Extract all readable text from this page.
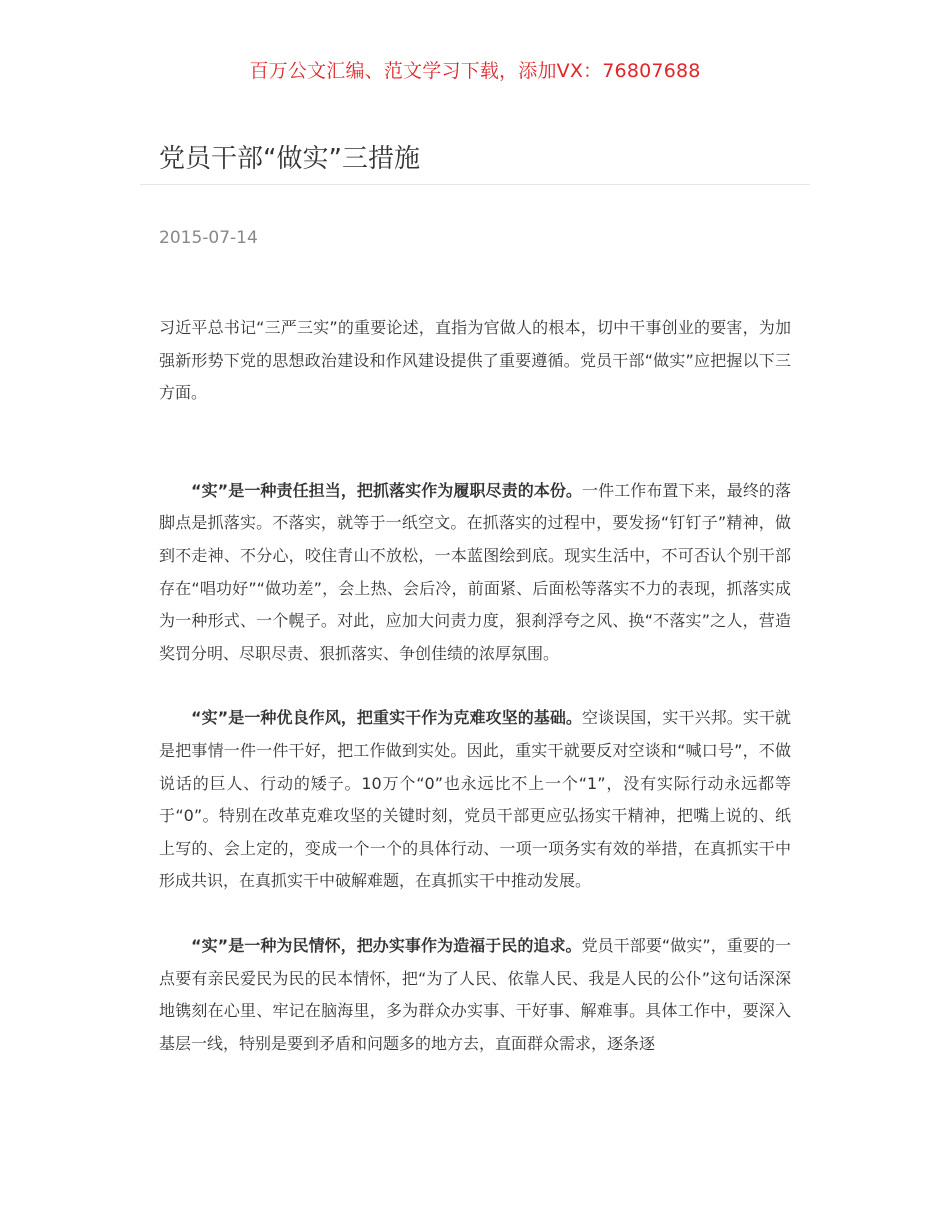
百万公文汇编、范文学习下载，添加VX：76807688
党员干部“做实”三措施
2015-07-14

习近平总书记“三严三实”的重要论述，直指为官做人的根本，切中干事创业的要害，为加强新形势下党的思想政治建设和作风建设提供了重要遵循。党员干部“做实”应把握以下三方面。

“实”是一种责任担当，把抓落实作为履职尽责的本份。一件工作布置下来，最终的落脚点是抓落实。不落实，就等于一纸空文。在抓落实的过程中，要发扬“钉钉子”精神，做到不走神、不分心，咬住青山不放松，一本蓝图绘到底。现实生活中，不可否认个别干部存在“唱功好”“做功差”，会上热、会后冷，前面紧、后面松等落实不力的表现，抓落实成为一种形式、一个幌子。对此，应加大问责力度，狠刹浮夸之风、换“不落实”之人，营造奖罚分明、尽职尽责、狠抓落实、争创佳绩的浓厚氛围。

“实”是一种优良作风，把重实干作为克难攻坚的基础。空谈误国，实干兴邦。实干就是把事情一件一件干好，把工作做到实处。因此，重实干就要反对空谈和“喊口号”，不做说话的巨人、行动的矮子。10万个“0”也永远比不上一个“1”，没有实际行动永远都等于“0”。特别在改革克难攻坚的关键时刻，党员干部更应弘扬实干精神，把嘴上说的、纸上写的、会上定的，变成一个一个的具体行动、一项一项务实有效的举措，在真抓实干中形成共识，在真抓实干中破解难题，在真抓实干中推动发展。

“实”是一种为民情怀，把办实事作为造福于民的追求。党员干部要“做实”，重要的一点要有亲民爱民为民的民本情怀，把“为了人民、依靠人民、我是人民的公仆”这句话深深地镌刻在心里、牢记在脑海里，多为群众办实事、干好事、解难事。具体工作中，要深入基层一线，特别是要到矛盾和问题多的地方去，直面群众需求，逐条逐
